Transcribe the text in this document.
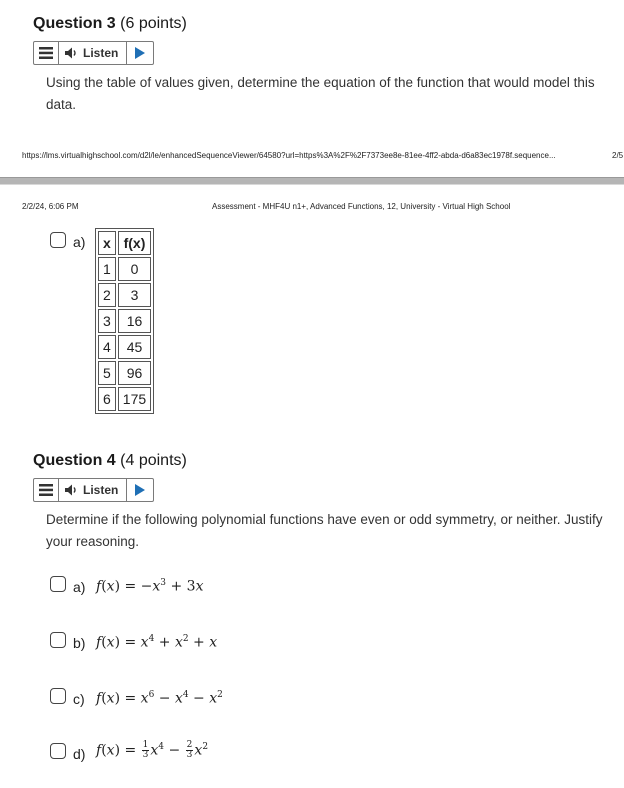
Question 3 (6 points)
Listen
Using the table of values given, determine the equation of the function that would model this data.
https://lms.virtualhighschool.com/d2l/le/enhancedSequenceViewer/64580?url=https%3A%2F%2F7373ee8e-81ee-4ff2-abda-d6a83ec1978f.sequence...	2/5
2/2/24, 6:06 PM	Assessment - MHF4U n1+, Advanced Functions, 12, University - Virtual High School
a) x	f(x)
1	0
2	3
3	16
4	45
5	96
6	175
Question 4 (4 points)
Listen
Determine if the following polynomial functions have even or odd symmetry, or neither. Justify your reasoning.
a) $f(x) = -x^3 + 3x$
b) $f(x) = x^4 + x^2 + x$
c) $f(x) = x^6 - x^4 - x^2$
d) $f(x) = \frac{1}{3} x^4 - \frac{2}{3} x^2$
